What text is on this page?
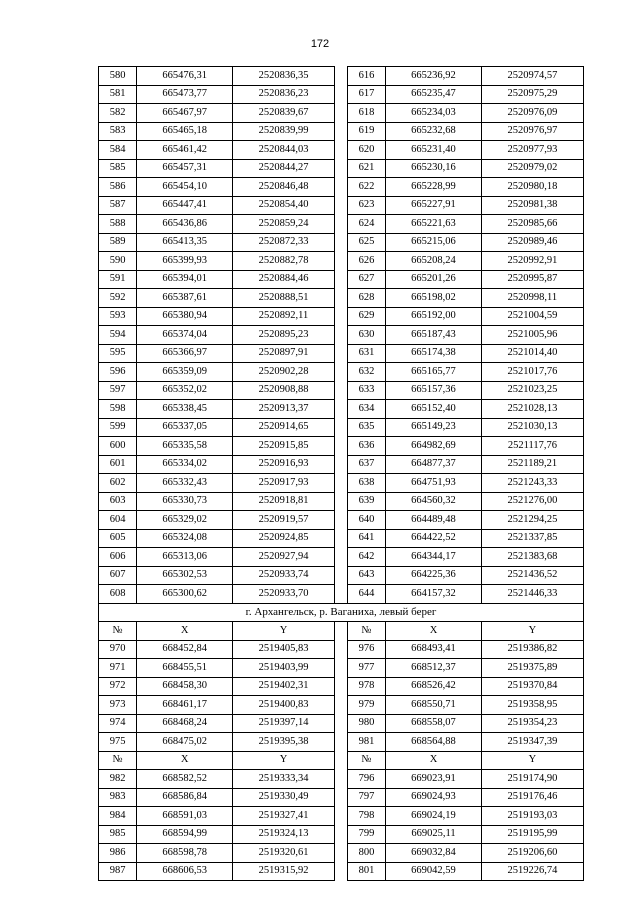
172
580	665476,31	2520836,35		616	665236,92	2520974,57
581	665473,77	2520836,23		617	665235,47	2520975,29
582	665467,97	2520839,67		618	665234,03	2520976,09
583	665465,18	2520839,99		619	665232,68	2520976,97
584	665461,42	2520844,03		620	665231,40	2520977,93
585	665457,31	2520844,27		621	665230,16	2520979,02
586	665454,10	2520846,48		622	665228,99	2520980,18
587	665447,41	2520854,40		623	665227,91	2520981,38
588	665436,86	2520859,24		624	665221,63	2520985,66
589	665413,35	2520872,33		625	665215,06	2520989,46
590	665399,93	2520882,78		626	665208,24	2520992,91
591	665394,01	2520884,46		627	665201,26	2520995,87
592	665387,61	2520888,51		628	665198,02	2520998,11
593	665380,94	2520892,11		629	665192,00	2521004,59
594	665374,04	2520895,23		630	665187,43	2521005,96
595	665366,97	2520897,91		631	665174,38	2521014,40
596	665359,09	2520902,28		632	665165,77	2521017,76
597	665352,02	2520908,88		633	665157,36	2521023,25
598	665338,45	2520913,37		634	665152,40	2521028,13
599	665337,05	2520914,65		635	665149,23	2521030,13
600	665335,58	2520915,85		636	664982,69	2521117,76
601	665334,02	2520916,93		637	664877,37	2521189,21
602	665332,43	2520917,93		638	664751,93	2521243,33
603	665330,73	2520918,81		639	664560,32	2521276,00
604	665329,02	2520919,57		640	664489,48	2521294,25
605	665324,08	2520924,85		641	664422,52	2521337,85
606	665313,06	2520927,94		642	664344,17	2521383,68
607	665302,53	2520933,74		643	664225,36	2521436,52
608	665300,62	2520933,70		644	664157,32	2521446,33
г. Архангельск, р. Ваганиха, левый берег						
№	X	Y		№	X	Y
970	668452,84	2519405,83		976	668493,41	2519386,82
971	668455,51	2519403,99		977	668512,37	2519375,89
972	668458,30	2519402,31		978	668526,42	2519370,84
973	668461,17	2519400,83		979	668550,71	2519358,95
974	668468,24	2519397,14		980	668558,07	2519354,23
975	668475,02	2519395,38		981	668564,88	2519347,39
№	X	Y		№	X	Y
982	668582,52	2519333,34		796	669023,91	2519174,90
983	668586,84	2519330,49		797	669024,93	2519176,46
984	668591,03	2519327,41		798	669024,19	2519193,03
985	668594,99	2519324,13		799	669025,11	2519195,99
986	668598,78	2519320,61		800	669032,84	2519206,60
987	668606,53	2519315,92		801	669042,59	2519226,74
